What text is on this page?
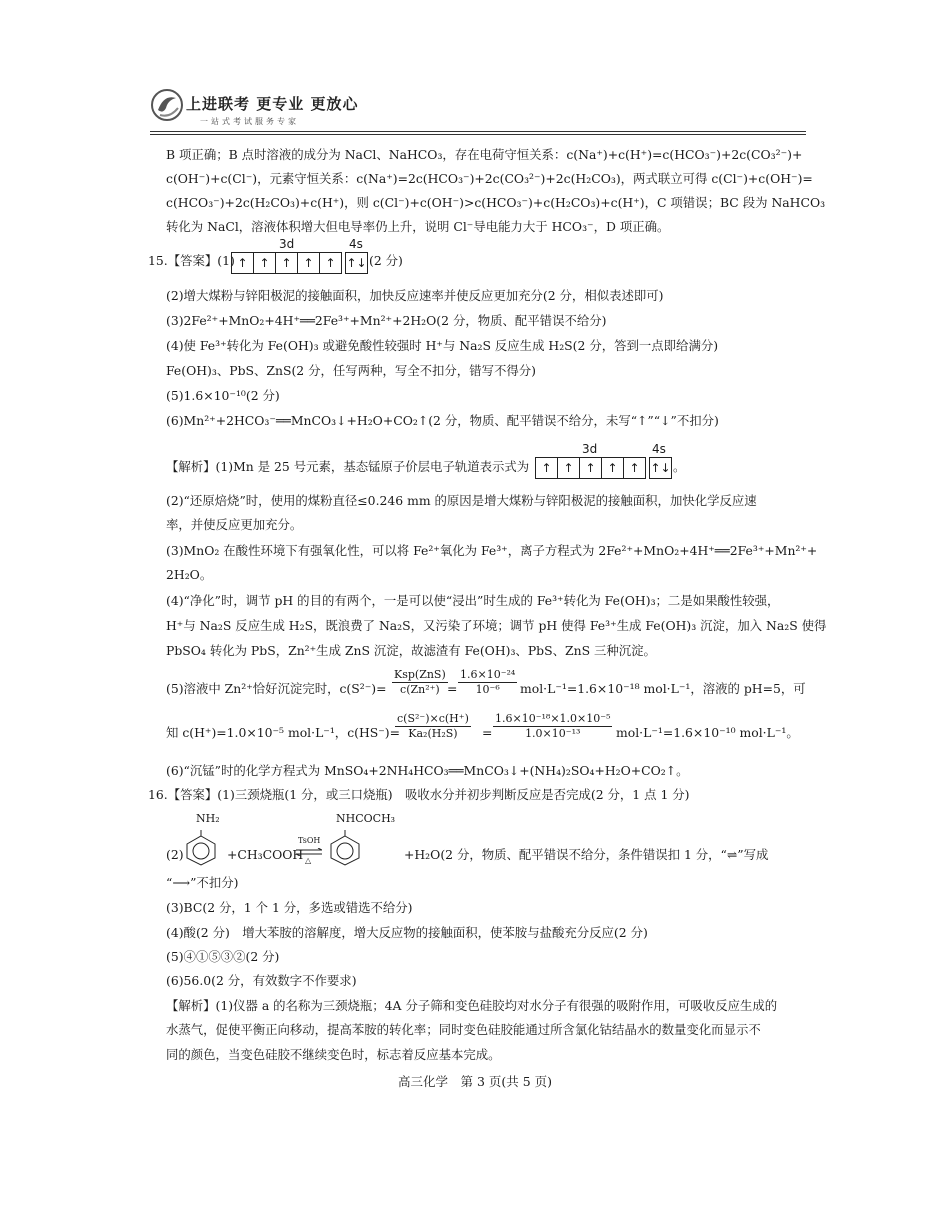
上进联考 更专业 更放心
一站式考试服务专家
B 项正确；B 点时溶液的成分为 NaCl、NaHCO₃，存在电荷守恒关系：c(Na⁺)+c(H⁺)=c(HCO₃⁻)+2c(CO₃²⁻)+
c(OH⁻)+c(Cl⁻)，元素守恒关系：c(Na⁺)=2c(HCO₃⁻)+2c(CO₃²⁻)+2c(H₂CO₃)，两式联立可得 c(Cl⁻)+c(OH⁻)=
c(HCO₃⁻)+2c(H₂CO₃)+c(H⁺)，则 c(Cl⁻)+c(OH⁻)>c(HCO₃⁻)+c(H₂CO₃)+c(H⁺)，C 项错误；BC 段为 NaHCO₃
转化为 NaCl，溶液体积增大但电导率仍上升，说明 Cl⁻导电能力大于 HCO₃⁻，D 项正确。
15.【答案】(1)
3d	4s
↑ ↑ ↑ ↑ ↑ ↑↓ (2 分)
(2)增大煤粉与锌阳极泥的接触面积，加快反应速率并使反应更加充分(2 分，相似表述即可)
(3)2Fe²⁺+MnO₂+4H⁺══2Fe³⁺+Mn²⁺+2H₂O(2 分，物质、配平错误不给分)
(4)使 Fe³⁺转化为 Fe(OH)₃ 或避免酸性较强时 H⁺与 Na₂S 反应生成 H₂S(2 分，答到一点即给满分)
Fe(OH)₃、PbS、ZnS(2 分，任写两种，写全不扣分，错写不得分)
(5)1.6×10⁻¹⁰(2 分)
(6)Mn²⁺+2HCO₃⁻══MnCO₃↓+H₂O+CO₂↑(2 分，物质、配平错误不给分，未写“↑”“↓”不扣分)
【解析】(1)Mn 是 25 号元素，基态锰原子价层电子轨道表示式为
3d	4s
↑ ↑ ↑ ↑ ↑ ↑↓ 。
(2)“还原焙烧”时，使用的煤粉直径≤0.246 mm 的原因是增大煤粉与锌阳极泥的接触面积，加快化学反应速
率，并使反应更加充分。
(3)MnO₂ 在酸性环境下有强氧化性，可以将 Fe²⁺氧化为 Fe³⁺，离子方程式为 2Fe²⁺+MnO₂+4H⁺══2Fe³⁺+Mn²⁺+
2H₂O。
(4)“净化”时，调节 pH 的目的有两个，一是可以使“浸出”时生成的 Fe³⁺转化为 Fe(OH)₃；二是如果酸性较强，
H⁺与 Na₂S 反应生成 H₂S，既浪费了 Na₂S，又污染了环境；调节 pH 使得 Fe³⁺生成 Fe(OH)₃ 沉淀，加入 Na₂S 使得
PbSO₄ 转化为 PbS，Zn²⁺生成 ZnS 沉淀，故滤渣有 Fe(OH)₃、PbS、ZnS 三种沉淀。
(5)溶液中 Zn²⁺恰好沉淀完时，c(S²⁻)=
Ksp(ZnS)
$c(Zn^{2+}) = \frac{\text{1.6×10⁻²⁴}}{\text{10⁻⁶}} mol\cdot L^{-1}=1.6\times 10^{-18}$ mol·L⁻¹，溶液的 pH=5，可
知 c(H⁺)=1.0×10⁻⁵ mol·L⁻¹，c(HS⁻)=
$\frac{\text{c(S²⁻)×c(H⁺)}}{\text{Ka₂(H₂S)}} = \frac{\text{1.6×10⁻¹⁸×1.0×10⁻⁵}}{\text{1.0×10⁻¹³}} mol\cdot L^{-1}=1.6\times 10^{-10}$ mol·L⁻¹。
(6)“沉锰”时的化学方程式为 MnSO₄+2NH₄HCO₃══MnCO₃↓+(NH₄)₂SO₄+H₂O+CO₂↑。
16.【答案】(1)三颈烧瓶(1 分，或三口烧瓶)　吸收水分并初步判断反应是否完成(2 分，1 点 1 分)
(2)
NH₂
+CH₃COOH
TsOH
△
NHCOCH₃
+H₂O(2 分，物质、配平错误不给分，条件错误扣 1 分，“⇌”写成
“⟶”不扣分)
(3)BC(2 分，1 个 1 分，多选或错选不给分)
(4)酸(2 分)　增大苯胺的溶解度，增大反应物的接触面积，使苯胺与盐酸充分反应(2 分)
(5)④①⑤③②(2 分)
(6)56.0(2 分，有效数字不作要求)
【解析】(1)仪器 a 的名称为三颈烧瓶；4A 分子筛和变色硅胶均对水分子有很强的吸附作用，可吸收反应生成的
水蒸气，促使平衡正向移动，提高苯胺的转化率；同时变色硅胶能通过所含氯化钴结晶水的数量变化而显示不
同的颜色，当变色硅胶不继续变色时，标志着反应基本完成。
高三化学　第 3 页(共 5 页)
